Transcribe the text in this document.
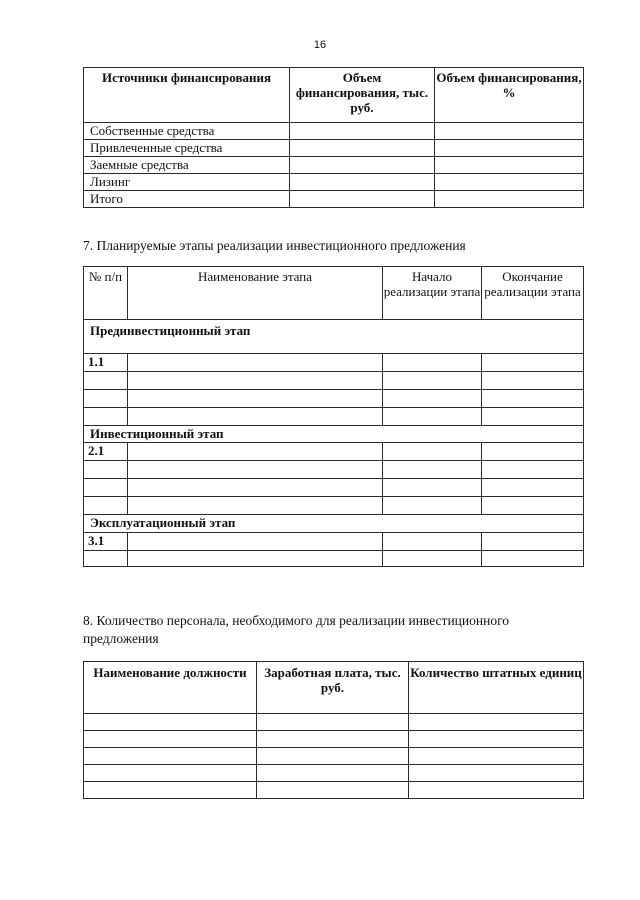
16
Источники финансирования	Объем финансирования, тыс. руб.	Объем финансирования, %
Собственные средства		
Привлеченные средства		
Заемные средства		
Лизинг		
Итого		
7. Планируемые этапы реализации инвестиционного предложения
№ п/п	Наименование этапа	Начало реализации этапа	Окончание реализации этапа
Прединвестиционный этап			
1.1			

Инвестиционный этап			
2.1			

Эксплуатационный этап			
3.1			

8. Количество персонала, необходимого для реализации инвестиционного предложения
Наименование должности	Заработная плата, тыс. руб.	Количество штатных единиц
